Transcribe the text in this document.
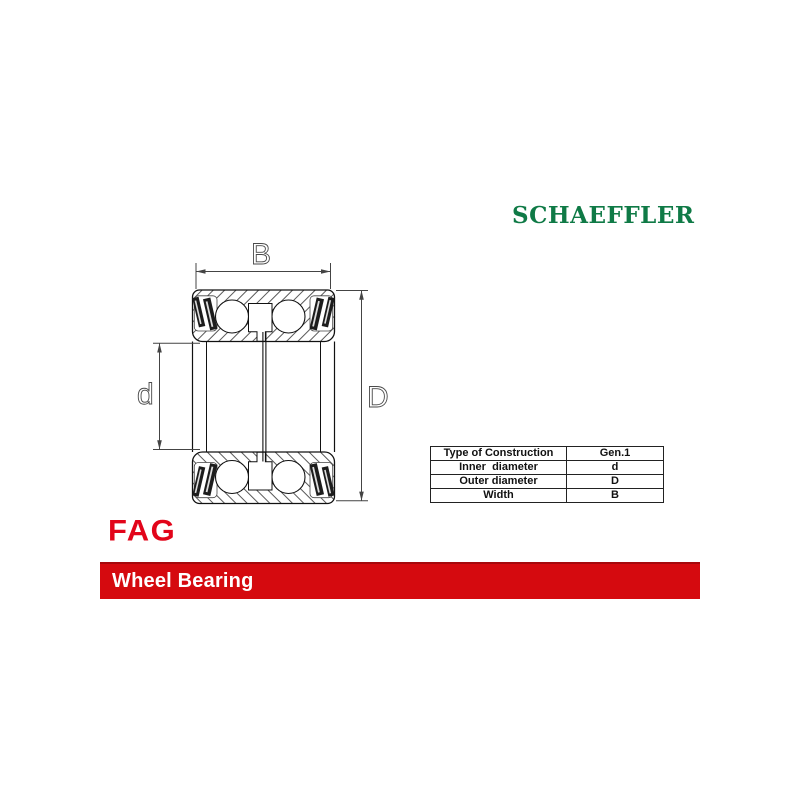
SCHAEFFLER
B
d	D
Type of Construction	Gen.1
Inner  diameter	d
Outer diameter	D
Width	B
FAG
Wheel Bearing
